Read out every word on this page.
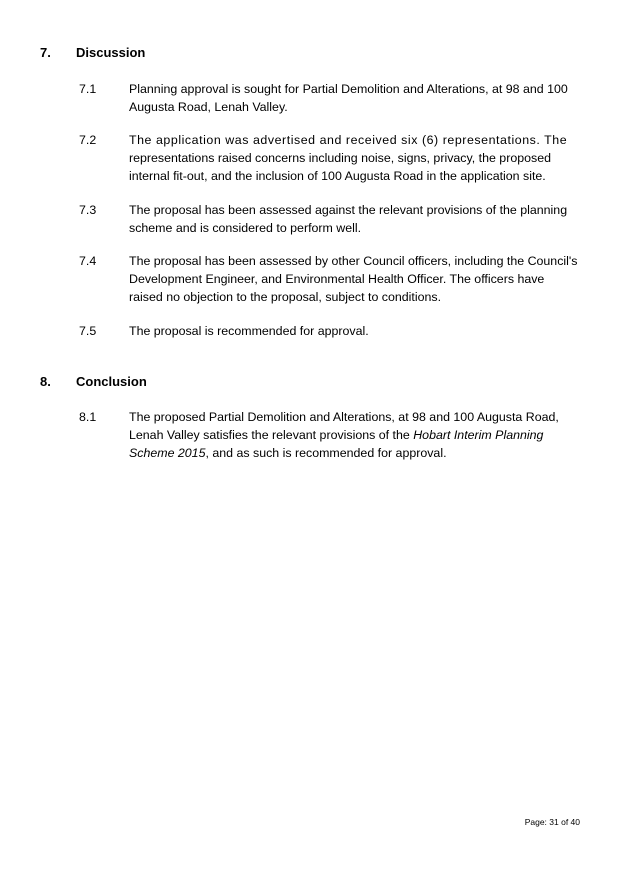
7. Discussion
7.1	Planning approval is sought for Partial Demolition and Alterations, at 98 and 100 Augusta Road, Lenah Valley.
7.2	The application was advertised and received six (6) representations. The
representations raised concerns including noise, signs, privacy, the proposed internal fit-out, and the inclusion of 100 Augusta Road in the application site.
7.3	The proposal has been assessed against the relevant provisions of the planning scheme and is considered to perform well.
7.4	The proposal has been assessed by other Council officers, including the Council's Development Engineer, and Environmental Health Officer. The officers have raised no objection to the proposal, subject to conditions.
7.5	The proposal is recommended for approval.
8. Conclusion
8.1	The proposed Partial Demolition and Alterations, at 98 and 100 Augusta Road, Lenah Valley satisfies the relevant provisions of the Hobart Interim Planning Scheme 2015, and as such is recommended for approval.
Page: 31 of 40
